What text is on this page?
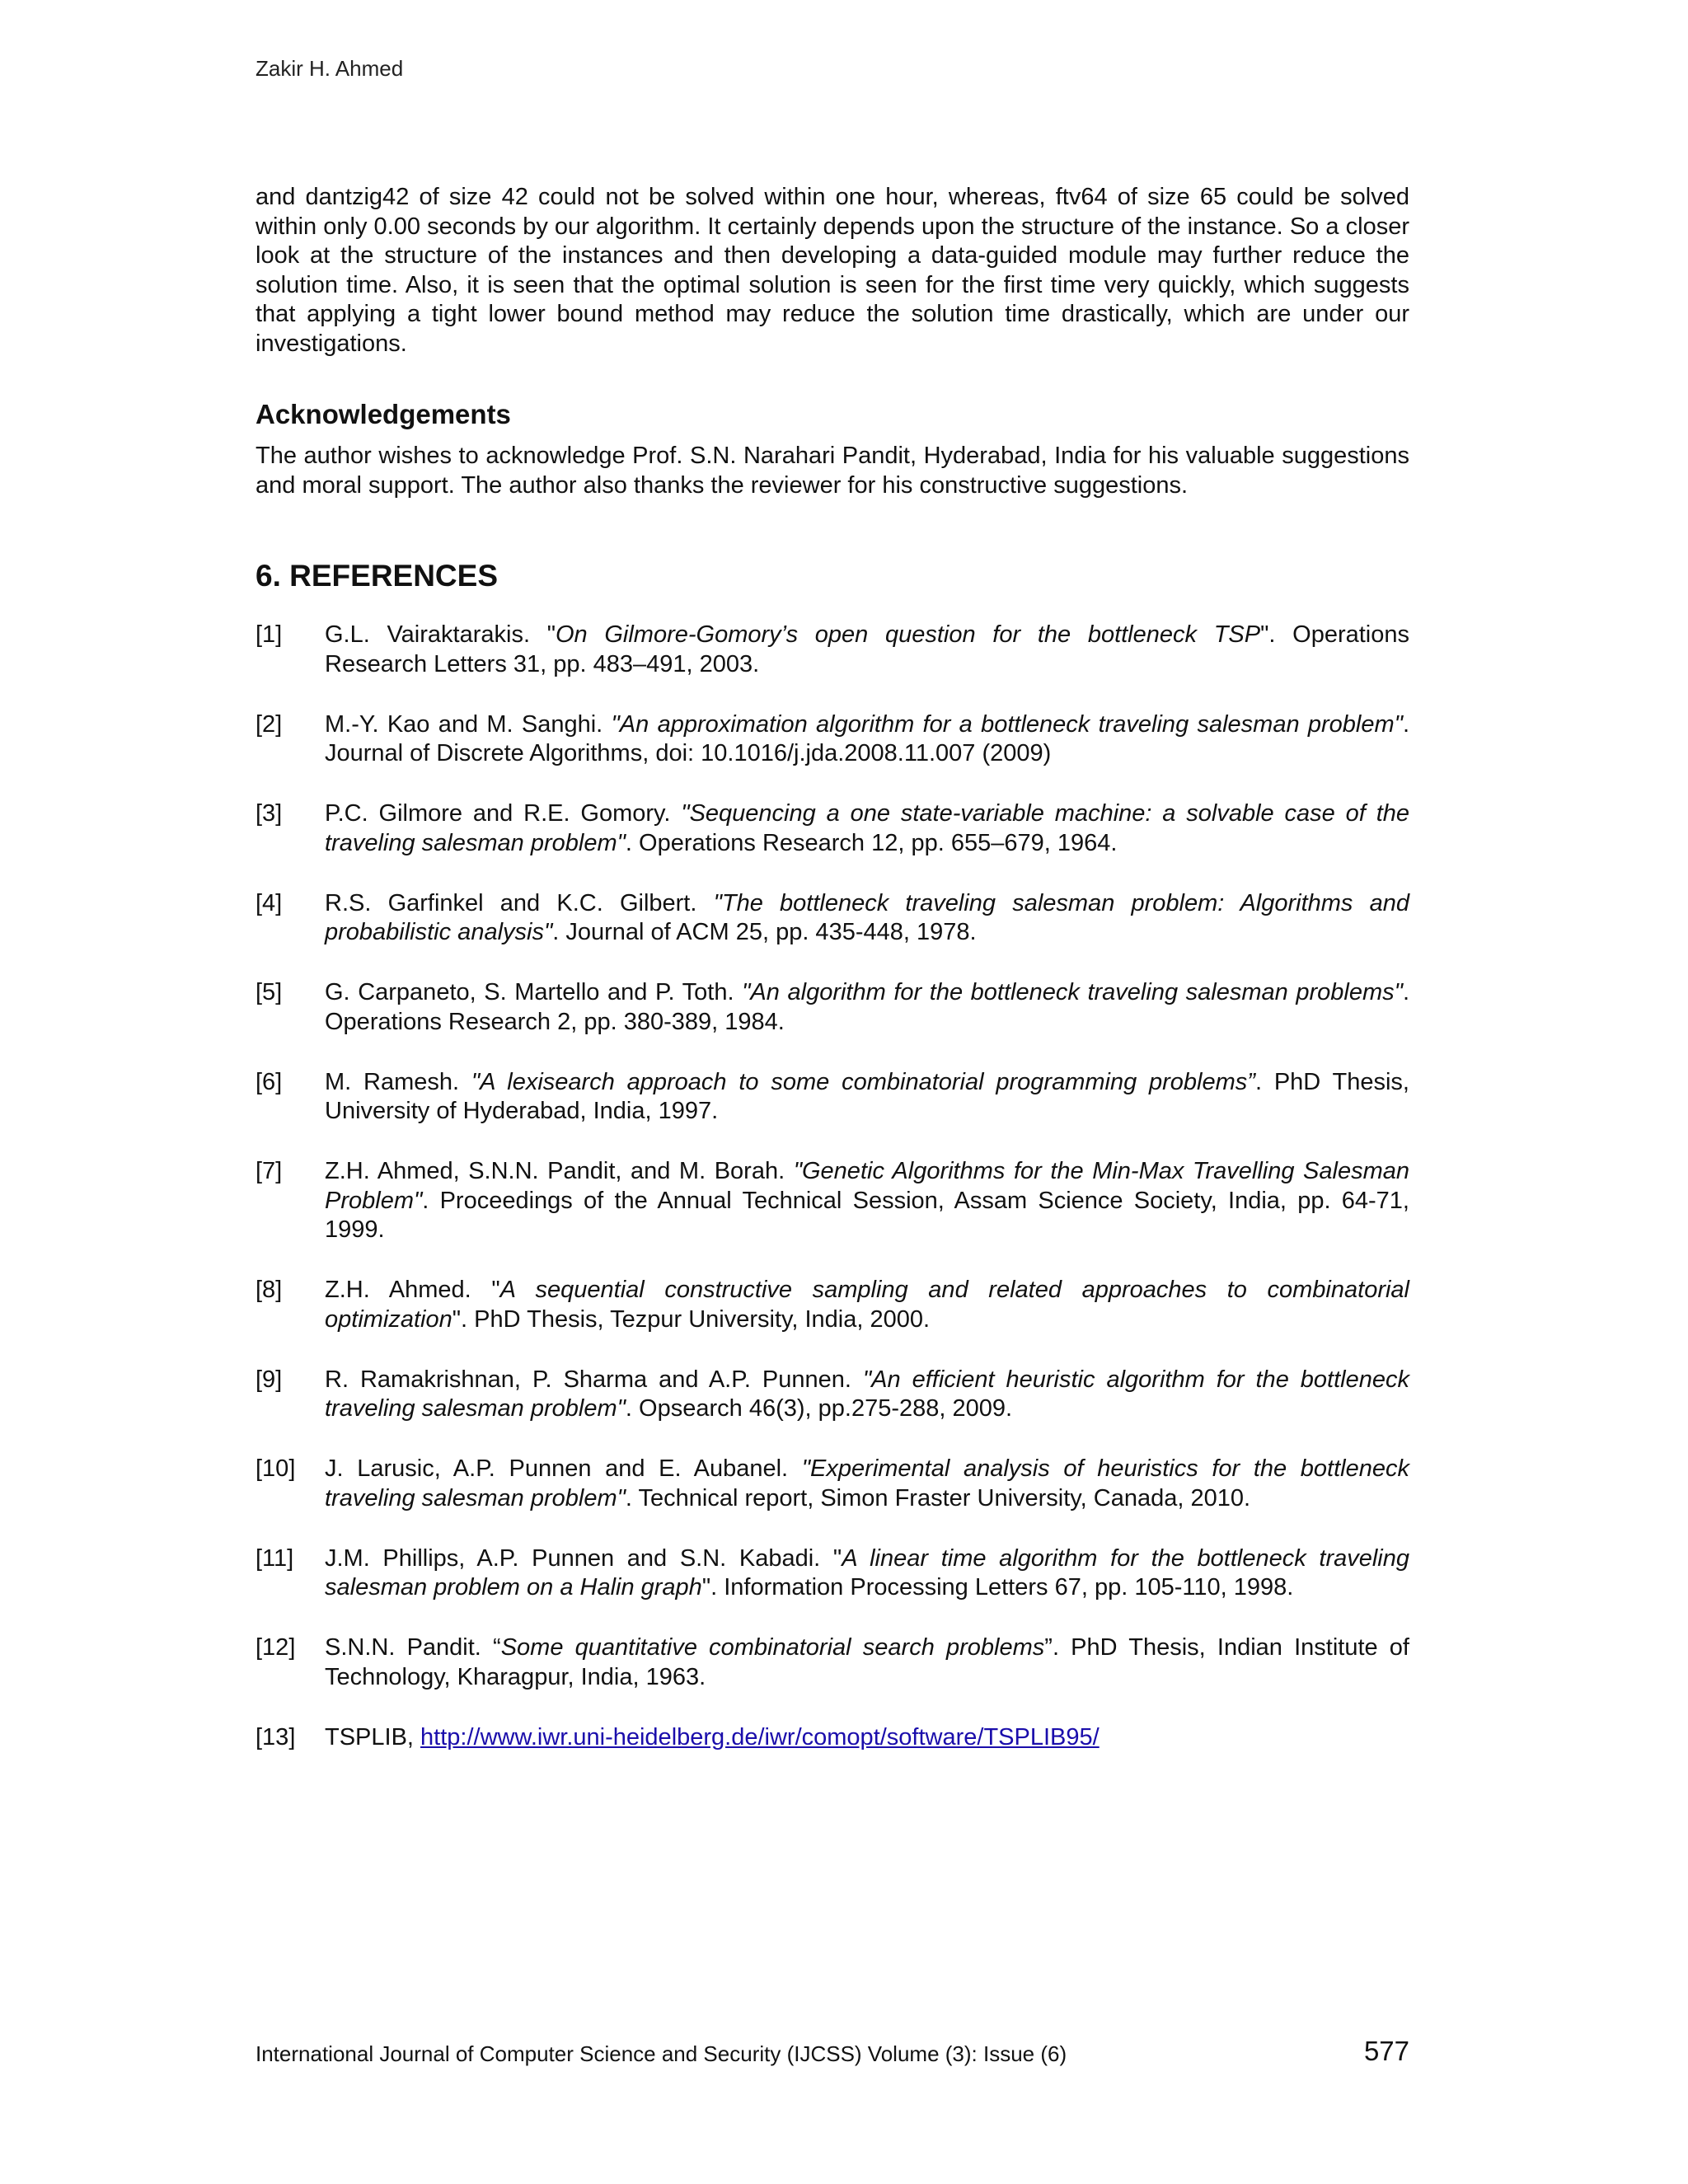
Zakir H. Ahmed

and dantzig42 of size 42 could not be solved within one hour, whereas, ftv64 of size 65 could be solved within only 0.00 seconds by our algorithm. It certainly depends upon the structure of the instance. So a closer look at the structure of the instances and then developing a data-guided module may further reduce the solution time. Also, it is seen that the optimal solution is seen for the first time very quickly, which suggests that applying a tight lower bound method may reduce the solution time drastically, which are under our investigations.

Acknowledgements

The author wishes to acknowledge Prof. S.N. Narahari Pandit, Hyderabad, India for his valuable suggestions and moral support. The author also thanks the reviewer for his constructive suggestions.

6. REFERENCES
[1]	G.L. Vairaktarakis. "On Gilmore-Gomory’s open question for the bottleneck TSP". Operations Research Letters 31, pp. 483–491, 2003.
[2]	M.-Y. Kao and M. Sanghi. "An approximation algorithm for a bottleneck traveling salesman problem". Journal of Discrete Algorithms, doi: 10.1016/j.jda.2008.11.007 (2009)
[3]	P.C. Gilmore and R.E. Gomory. "Sequencing a one state-variable machine: a solvable case of the traveling salesman problem". Operations Research 12, pp. 655–679, 1964.
[4]	R.S. Garfinkel and K.C. Gilbert. "The bottleneck traveling salesman problem: Algorithms and probabilistic analysis". Journal of ACM 25, pp. 435-448, 1978.
[5]	G. Carpaneto, S. Martello and P. Toth. "An algorithm for the bottleneck traveling salesman problems". Operations Research 2, pp. 380-389, 1984.
[6]	M. Ramesh. "A lexisearch approach to some combinatorial programming problems”. PhD Thesis, University of Hyderabad, India, 1997.
[7]	Z.H. Ahmed, S.N.N. Pandit, and M. Borah. "Genetic Algorithms for the Min-Max Travelling Salesman Problem". Proceedings of the Annual Technical Session, Assam Science Society, India, pp. 64-71, 1999.
[8]	Z.H. Ahmed. "A sequential constructive sampling and related approaches to combinatorial optimization". PhD Thesis, Tezpur University, India, 2000.
[9]	R. Ramakrishnan, P. Sharma and A.P. Punnen. "An efficient heuristic algorithm for the bottleneck traveling salesman problem". Opsearch 46(3), pp.275-288, 2009.
[10]	J. Larusic, A.P. Punnen and E. Aubanel. "Experimental analysis of heuristics for the bottleneck traveling salesman problem". Technical report, Simon Fraster University, Canada, 2010.
[11]	J.M. Phillips, A.P. Punnen and S.N. Kabadi. "A linear time algorithm for the bottleneck traveling salesman problem on a Halin graph". Information Processing Letters 67, pp. 105-110, 1998.
[12]	S.N.N. Pandit. “Some quantitative combinatorial search problems”. PhD Thesis, Indian Institute of Technology, Kharagpur, India, 1963.
[13]	TSPLIB, http://www.iwr.uni-heidelberg.de/iwr/comopt/software/TSPLIB95/
International Journal of Computer Science and Security (IJCSS) Volume (3): Issue (6)	577
